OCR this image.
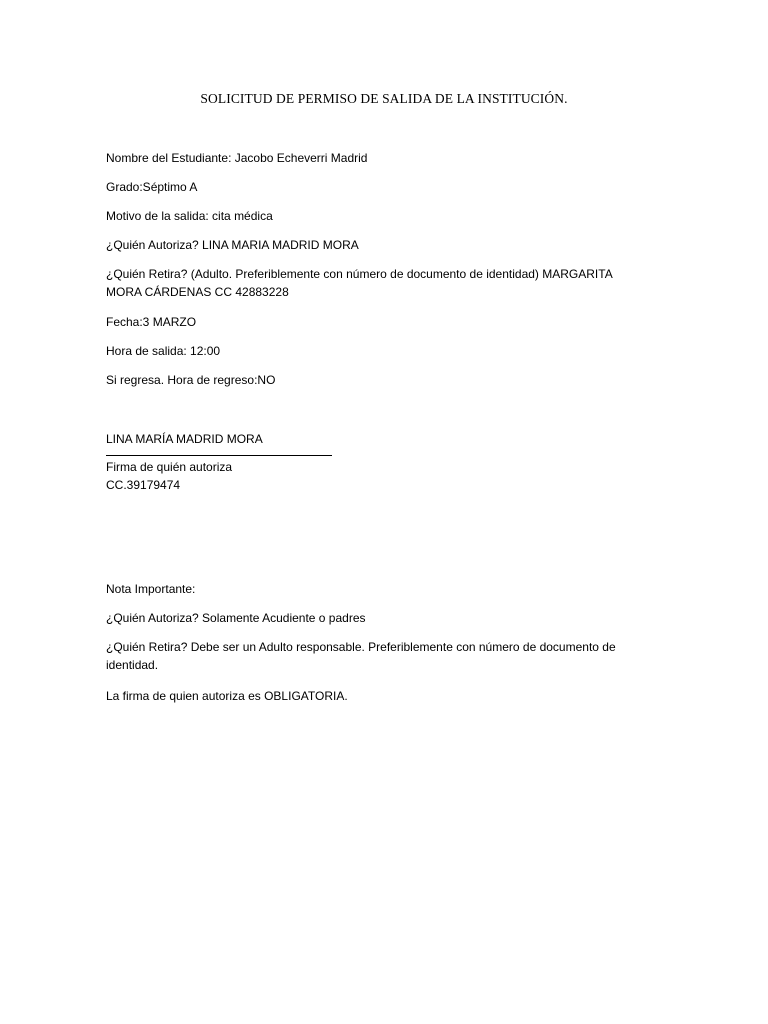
SOLICITUD DE PERMISO DE SALIDA DE LA INSTITUCIÓN.
Nombre del Estudiante: Jacobo Echeverri Madrid
Grado:Séptimo A
Motivo de la salida: cita médica
¿Quién Autoriza? LINA MARIA MADRID MORA
¿Quién Retira? (Adulto. Preferiblemente con número de documento de identidad) MARGARITA
MORA CÁRDENAS CC 42883228
Fecha:3 MARZO
Hora de salida: 12:00
Si regresa. Hora de regreso:NO
LINA MARÍA MADRID MORA
Firma de quién autoriza
CC.39179474
Nota Importante:
¿Quién Autoriza? Solamente Acudiente o padres
¿Quién Retira? Debe ser un Adulto responsable. Preferiblemente con número de documento de
identidad.
La firma de quien autoriza es OBLIGATORIA.
